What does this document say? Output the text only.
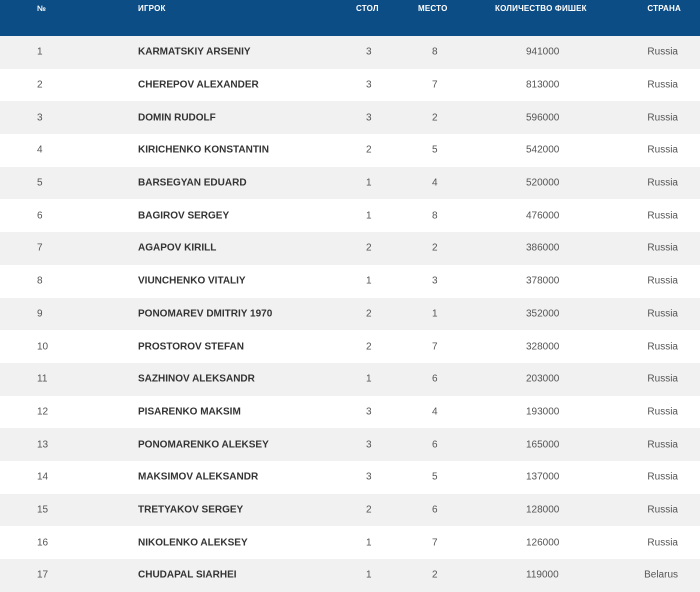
№	ИГРОК	СТОЛ	МЕСТО	КОЛИЧЕСТВО ФИШЕК	СТРАНА
1	KARMATSKIY ARSENIY	3	8	941000	Russia
2	CHEREPOV ALEXANDER	3	7	813000	Russia
3	DOMIN RUDOLF	3	2	596000	Russia
4	KIRICHENKO KONSTANTIN	2	5	542000	Russia
5	BARSEGYAN EDUARD	1	4	520000	Russia
6	BAGIROV SERGEY	1	8	476000	Russia
7	AGAPOV KIRILL	2	2	386000	Russia
8	VIUNCHENKO VITALIY	1	3	378000	Russia
9	PONOMAREV DMITRIY 1970	2	1	352000	Russia
10	PROSTOROV STEFAN	2	7	328000	Russia
11	SAZHINOV ALEKSANDR	1	6	203000	Russia
12	PISARENKO MAKSIM	3	4	193000	Russia
13	PONOMARENKO ALEKSEY	3	6	165000	Russia
14	MAKSIMOV ALEKSANDR	3	5	137000	Russia
15	TRETYAKOV SERGEY	2	6	128000	Russia
16	NIKOLENKO ALEKSEY	1	7	126000	Russia
17	CHUDAPAL SIARHEI	1	2	119000	Belarus
